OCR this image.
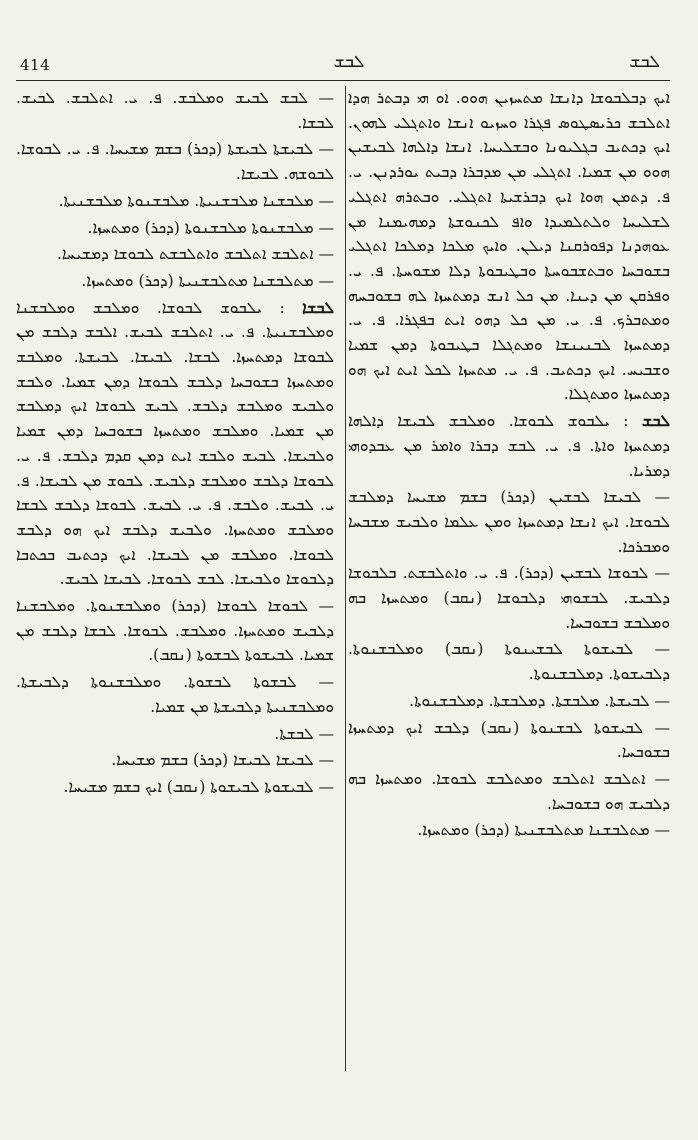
414	ܠܒܫ	ܠܒܫ

ܐܝܟ ܕܒܠܒܘܫܐ ܕܐܢܫܐ ܡܬܚܙܝܢ ܗܘܘ. ܐܘ ܗܝ ܕܒܬܪ ܗܕܐ ܐܬܠܒܫ ܟܪܝܣܛܘܣ ܦܓܪܐ ܘܚܙܝܘ ܐܢܫܐ ܘܐܬܓܠܝ ܠܗܘܢ. ܐܝܟ ܕܟܬܝܒ ܒܓܠܝܘܢܐ ܘܒܫܠܝܚܐ. ܐܢܫܐ ܕܐܠܗܐ ܠܒܝܫܝܢ ܗܘܘ ܡܢ ܫܡܝܐ. ܐܬܓܠܝ ܡܢ ܡܕܒܪܐ ܕܒܝܬ ܝܘܪܕܢܢ. ܝ. ܦ. ܕܬܡܢ ܗܘܐ ܐܝܟ ܕܒܪܫܝܬܐ ܐܬܓܠܝ. ܘܒܬܪܗ ܐܬܓܠܝ ܠܫܠܝܚܐ ܘܠܬܠܡܝܕܐ ܘܐܦ ܠܟܢܘܫܬܐ ܕܡܗܝܡܢܐ ܡܢ ܥܘܗܕܢܐ ܕܦܘܪܩܢܐ ܕܝܠܢ. ܘܐܝܟ ܡܠܟܐ ܕܡܠܟܐ ܐܬܓܠܝ ܒܫܘܒܚܐ ܘܒܬܫܒܘܚܬܐ ܘܒܛܝܒܘܬܐ ܕܠܐ ܡܫܘܚܬܐ. ܦ. ܝ. ܘܦܪܩܢ ܡܢ ܕܝܢܐ. ܡܢ ܟܠ ܐܢܫ ܕܡܬܚܙܐ ܠܗ ܒܫܘܒܚܗ ܘܡܬܒܪܟ. ܦ. ܝ. ܡܢ ܟܠ ܕܗܘ ܐܝܬ ܒܦܓܪܐ. ܦ. ܝ. ܕܡܬܚܙܐ ܠܒܢܝܢܫܐ ܘܡܬܓܠܐ ܒܛܝܒܘܬܐ ܕܡܢ ܫܡܝܐ ܘܫܒܝܚ. ܐܝܟ ܕܟܬܝܒ. ܦ. ܝ. ܡܬܚܙܐ ܠܟܠ ܐܝܬ ܐܝܟ ܗܘ ܕܡܬܚܙܐ ܘܡܬܓܠܐ.

ܠܒܫ : ܝܠܒܘܫ ܠܒܘܫܐ. ܘܡܠܒܫ ܠܒܝܫܐ ܕܐܠܗܐ ܕܡܬܚܙܐ ܘܐܬܐ. ܦ. ܝ. ܠܒܫ ܕܒܪܐ ܘܐܡܪ ܡܢ ܥܒܕܘܗܝ ܕܡܪܝܐ.

— ܠܒܝܫܐ ܠܒܫܝܢ (ܕܟܪ) ܒܫܡ ܡܫܝܚܐ ܕܡܠܒܫ ܠܒܘܫܐ. ܐܝܟ ܐܢܫܐ ܕܡܬܚܙܐ ܘܡܢ ܥܠܡܐ ܘܠܒܝܫ ܡܫܒܚܐ ܘܡܒܪܟܐ.

— ܠܒܘܫܐ ܠܒܫܝܢ (ܕܟܪ). ܦ. ܝ. ܘܐܬܠܒܫܬ. ܒܠܒܘܫܐ ܕܠܒܝܫ. ܠܒܫܘܗܝ ܕܠܒܘܫܐ (ܢܩܒ) ܘܡܬܚܙܐ ܒܗ ܘܡܠܒܫ ܒܫܘܒܚܐ.

— ܠܒܝܫܘܬܐ ܠܒܫܝܢܘܬܐ (ܢܩܒ) ܘܡܠܒܫܢܘܬܐ. ܕܠܒܝܫܘܬܐ. ܕܡܠܒܫܢܘܬܐ.

— ܠܒܝܫܬܐ. ܡܠܒܫܬܐ. ܕܡܠܒܫܬܐ. ܕܡܠܒܫܢܘܬܐ.

— ܠܒܝܫܘܬܐ ܠܒܫܢܘܬܐ (ܢܩܒ) ܕܠܒܫ ܐܝܟ ܕܡܬܚܙܐ ܒܫܘܒܚܐ.

— ܐܬܠܒܫ ܐܬܠܒܫ ܘܡܬܠܒܫ ܠܒܘܫܐ. ܘܡܬܚܙܐ ܒܗ ܕܠܒܝܫ ܗܘ ܒܫܘܒܚܐ.

— ܡܬܠܒܫܢܐ ܡܬܠܒܫܢܝܬܐ (ܕܟܪ) ܘܡܬܚܙܐ.

— ܠܒܫ ܠܒܝܫ ܘܡܠܒܫ. ܦ. ܝ. ܐܬܠܒܫ. ܠܒܝܫ. ܠܒܫܐ.

— ܠܒܝܫܬܐ ܠܒܝܫܬܐ (ܕܟܪ) ܒܫܡ ܡܫܝܚܐ. ܦ. ܝ. ܠܒܘܫܐ. ܠܒܘܫܗ. ܠܒܝܫܐ.

— ܡܠܒܫܢܐ ܡܠܒܫܢܝܬܐ. ܡܠܒܫܢܘܬܐ ܡܠܒܫܢܝܬܐ.

— ܡܠܒܫܢܘܬܐ ܡܠܒܫܢܘܬܐ (ܕܟܪ) ܘܡܬܚܙܐ.

— ܐܬܠܒܫ ܐܬܠܒܫ ܘܐܬܠܒܫܬ ܠܒܘܫܐ ܕܡܫܝܚܐ.

— ܡܬܠܒܫܢܐ ܡܬܠܒܫܢܝܬܐ (ܕܟܪ) ܘܡܬܚܙܐ.

ܠܒܫܐ : ܝܠܒܘܫ ܠܒܘܫܐ. ܘܡܠܒܫ ܘܡܠܒܫܢܐ ܘܡܠܒܫܢܝܬܐ. ܦ. ܝ. ܐܬܠܒܫ ܠܒܝܫ. ܐܠܒܫ ܕܠܒܫ ܡܢ ܠܒܘܫܐ ܕܡܬܚܙܐ. ܠܒܫܐ. ܠܒܝܫܐ. ܠܒܝܫܬܐ. ܘܡܠܒܫ ܘܡܬܚܙܐ ܒܫܘܒܚܐ ܕܠܒܫ ܠܒܘܫܐ ܕܡܢ ܫܡܝܐ. ܘܠܒܫ ܘܠܒܝܫ ܘܡܠܒܫ ܕܠܒܫ. ܠܒܝܫ ܠܒܘܫܐ ܐܝܟ ܕܡܠܒܫ ܡܢ ܫܡܝܐ. ܘܡܠܒܫ ܘܡܬܚܙܐ ܒܫܘܒܚܐ ܕܡܢ ܫܡܝܐ ܘܠܒܝܫܐ. ܠܒܝܫ ܘܠܒܫ ܐܝܬ ܕܡܢ ܩܕܡ ܕܠܒܫ. ܦ. ܝ. ܠܒܘܫܐ ܕܠܒܫ ܘܡܠܒܫ ܕܠܒܝܫ. ܠܒܘܫ ܡܢ ܠܒܝܫܐ. ܦ. ܝ. ܠܒܝܫ. ܘܠܒܫ. ܦ. ܝ. ܠܒܝܫ. ܠܒܘܫܐ ܕܠܒܫ ܠܒܫܐ ܘܡܠܒܫ ܘܡܬܚܙܐ. ܘܠܒܝܫ ܕܠܒܫ ܐܝܟ ܗܘ ܕܠܒܫ ܠܒܘܫܐ. ܘܡܠܒܫ ܡܢ ܠܒܝܫܐ. ܐܝܟ ܕܟܬܝܒ ܒܟܬܒܐ ܕܠܒܘܫܐ ܘܠܒܝܫܐ. ܠܒܫ ܠܒܘܫܐ. ܠܒܝܫܐ ܠܒܝܫ.

— ܠܒܘܫܐ ܠܒܘܫܐ (ܕܟܪ) ܘܡܠܒܫܢܘܬܐ. ܘܡܠܒܫܢܐ ܕܠܒܝܫ ܘܡܬܚܙܐ. ܘܡܠܒܫ. ܠܒܘܫܐ. ܠܒܫܐ ܕܠܒܫ ܡܢ ܫܡܝܐ. ܠܒܝܫܘܬܐ ܠܒܫܘܬܐ (ܢܩܒ).

— ܠܒܫܘܬܐ ܠܒܫܘܬܐ. ܘܡܠܒܫܢܘܬܐ ܕܠܒܝܫܬܐ. ܘܡܠܒܫܢܝܬܐ ܕܠܒܝܫܬܐ ܡܢ ܫܡܝܐ.

— ܠܒܫܬܐ.

— ܠܒܝܫܐ ܠܒܝܫܐ (ܕܟܪ) ܒܫܡ ܡܫܝܚܐ.

— ܠܒܝܫܘܬܐ ܠܒܝܫܘܬܐ (ܢܩܒ) ܐܝܟ ܒܫܡ ܡܫܝܚܐ.
